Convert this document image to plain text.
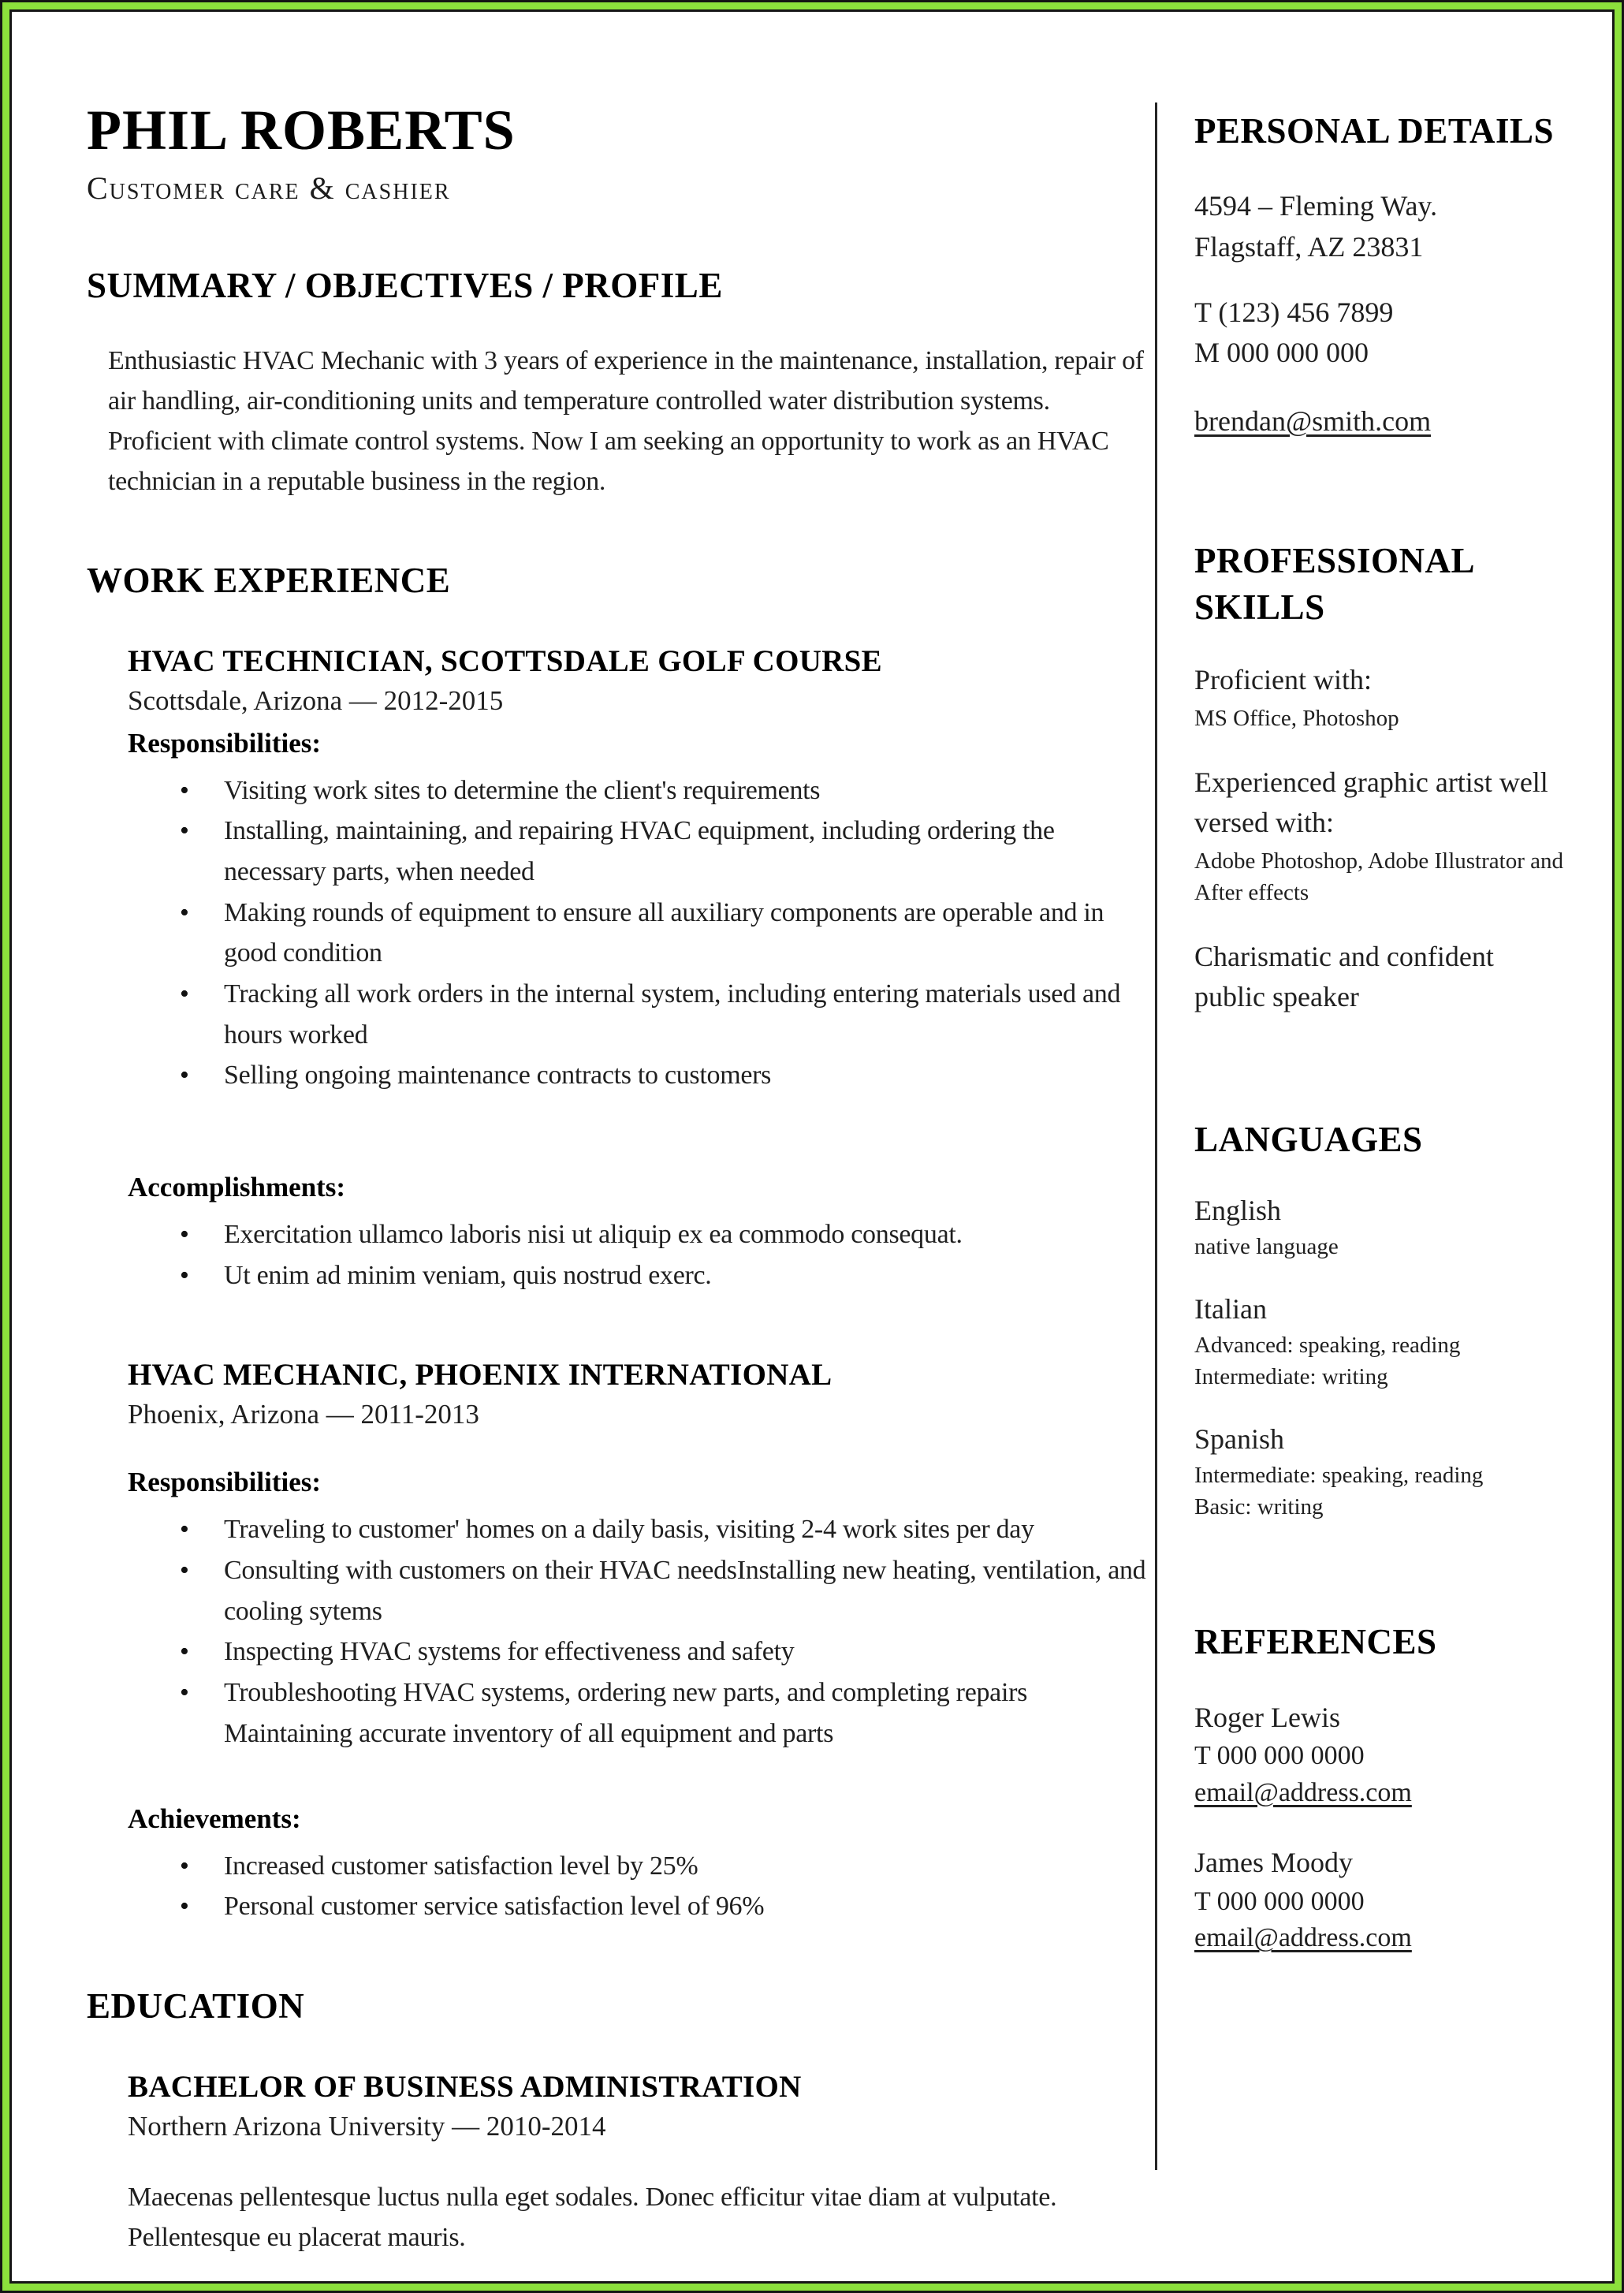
PHIL ROBERTS
Customer care & cashier
SUMMARY / OBJECTIVES / PROFILE

Enthusiastic HVAC Mechanic with 3 years of experience in the maintenance, installation, repair of air handling, air-conditioning units and temperature controlled water distribution systems. Proficient with climate control systems. Now I am seeking an opportunity to work as an HVAC technician in a reputable business in the region.

WORK EXPERIENCE
HVAC TECHNICIAN, SCOTTSDALE GOLF COURSE
Scottsdale, Arizona — 2012-2015
Responsibilities:
• Visiting work sites to determine the client's requirements
• Installing, maintaining, and repairing HVAC equipment, including ordering the necessary parts, when needed
• Making rounds of equipment to ensure all auxiliary components are operable and in good condition
• Tracking all work orders in the internal system, including entering materials used and hours worked
• Selling ongoing maintenance contracts to customers
Accomplishments:
• Exercitation ullamco laboris nisi ut aliquip ex ea commodo consequat.
• Ut enim ad minim veniam, quis nostrud exerc.
HVAC MECHANIC, PHOENIX INTERNATIONAL
Phoenix, Arizona — 2011-2013
Responsibilities:
• Traveling to customer' homes on a daily basis, visiting 2-4 work sites per day
• Consulting with customers on their HVAC needsInstalling new heating, ventilation, and cooling sytems
• Inspecting HVAC systems for effectiveness and safety
• Troubleshooting HVAC systems, ordering new parts, and completing repairs Maintaining accurate inventory of all equipment and parts
Achievements:
• Increased customer satisfaction level by 25%
• Personal customer service satisfaction level of 96%
EDUCATION
BACHELOR OF BUSINESS ADMINISTRATION
Northern Arizona University — 2010-2014

Maecenas pellentesque luctus nulla eget sodales. Donec efficitur vitae diam at vulputate. Pellentesque eu placerat mauris.

PERSONAL DETAILS
4594 – Fleming Way.
Flagstaff, AZ 23831
T (123) 456 7899
M 000 000 000
brendan@smith.com
PROFESSIONAL SKILLS
Proficient with:
MS Office, Photoshop
Experienced graphic artist well versed with:
Adobe Photoshop, Adobe Illustrator and After effects
Charismatic and confident public speaker
LANGUAGES
English
native language
Italian
Advanced: speaking, reading
Intermediate: writing
Spanish
Intermediate: speaking, reading
Basic: writing
REFERENCES
Roger Lewis
T 000 000 0000
email@address.com
James Moody
T 000 000 0000
email@address.com
